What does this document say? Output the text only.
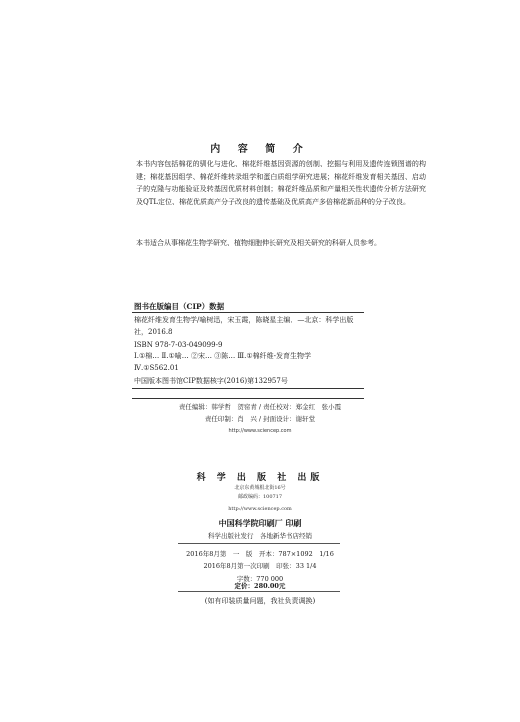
内 容 简 介
本书内容包括棉花的驯化与进化、棉花纤维基因资源的创制、挖掘与利用及遗传连锁图谱的构建；棉花基因组学、棉花纤维转录组学和蛋白质组学研究进展；棉花纤维发育相关基因、启动子的克隆与功能验证及转基因优质材料创制；棉花纤维品质和产量相关性状遗传分析方法研究及QTL定位、棉花优质高产分子改良的遗传基础及优质高产多倍棉花新品种的分子改良。
本书适合从事棉花生物学研究、植物细胞伸长研究及相关研究的科研人员参考。
图书在版编目（CIP）数据
棉花纤维发育生物学/喻树迅，宋玉霞，陈晓星主编．—北京：科学出版社，2016.8
ISBN 978-7-03-049099-9
Ⅰ.①棉… Ⅱ.①喻… ②宋… ③陈… Ⅲ.①棉纤维-发育生物学
Ⅳ.①S562.01
中国版本图书馆CIP数据核字(2016)第132957号
责任编辑：韩学哲　贺窑青 / 责任校对：郑金红　张小霞
责任印制：肖　兴 / 封面设计：谢轩堂
http://www.sciencep.com
科 学 出 版 社 出版
北京东黄城根北街16号
邮政编码：100717
http://www.sciencep.com
中国科学院印刷厂 印刷
科学出版社发行　各地新华书店经销
2016年8月第　一　版　开本：787×1092　1/16
2016年8月第一次印刷　印张：33 1/4
字数：770 000
定价：280.00元
(如有印装质量问题，我社负责调换)
